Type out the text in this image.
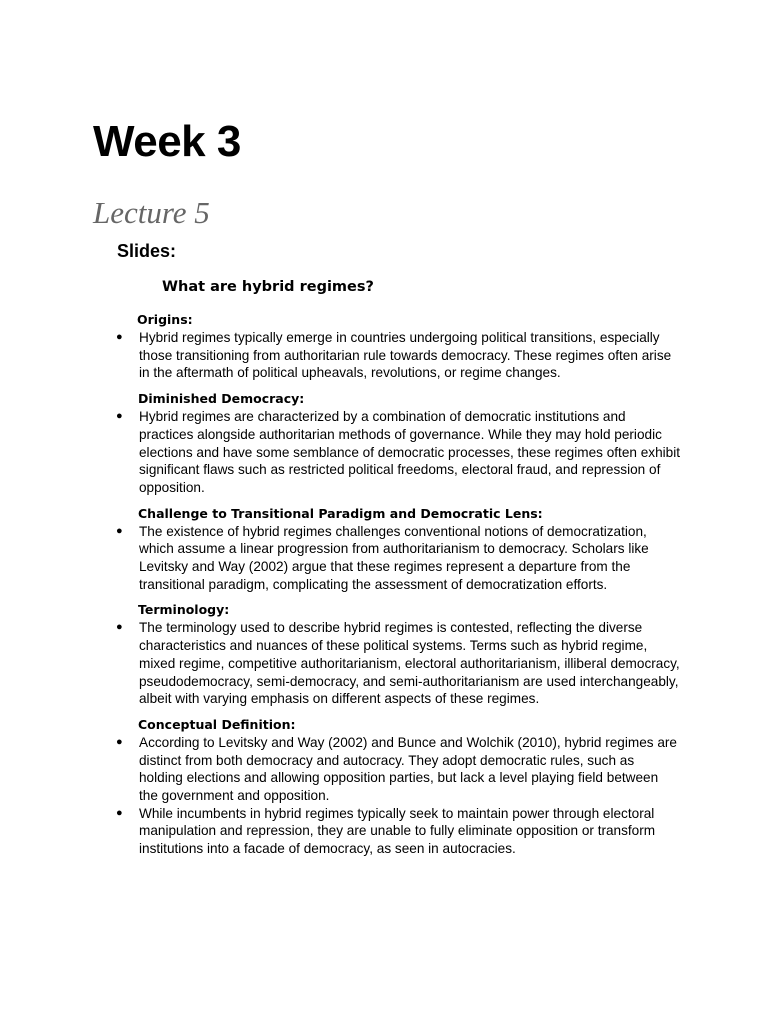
Week 3
Lecture 5
Slides:
What are hybrid regimes?

Origins:

● Hybrid regimes typically emerge in countries undergoing political transitions, especially those transitioning from authoritarian rule towards democracy. These regimes often arise in the aftermath of political upheavals, revolutions, or regime changes.

Diminished Democracy:

● Hybrid regimes are characterized by a combination of democratic institutions and practices alongside authoritarian methods of governance. While they may hold periodic elections and have some semblance of democratic processes, these regimes often exhibit significant flaws such as restricted political freedoms, electoral fraud, and repression of opposition.

Challenge to Transitional Paradigm and Democratic Lens:

● The existence of hybrid regimes challenges conventional notions of democratization, which assume a linear progression from authoritarianism to democracy. Scholars like Levitsky and Way (2002) argue that these regimes represent a departure from the transitional paradigm, complicating the assessment of democratization efforts.

Terminology:

● The terminology used to describe hybrid regimes is contested, reflecting the diverse characteristics and nuances of these political systems. Terms such as hybrid regime, mixed regime, competitive authoritarianism, electoral authoritarianism, illiberal democracy, pseudodemocracy, semi-democracy, and semi-authoritarianism are used interchangeably, albeit with varying emphasis on different aspects of these regimes.

Conceptual Definition:

● According to Levitsky and Way (2002) and Bunce and Wolchik (2010), hybrid regimes are distinct from both democracy and autocracy. They adopt democratic rules, such as holding elections and allowing opposition parties, but lack a level playing field between the government and opposition.
● While incumbents in hybrid regimes typically seek to maintain power through electoral manipulation and repression, they are unable to fully eliminate opposition or transform institutions into a facade of democracy, as seen in autocracies.
